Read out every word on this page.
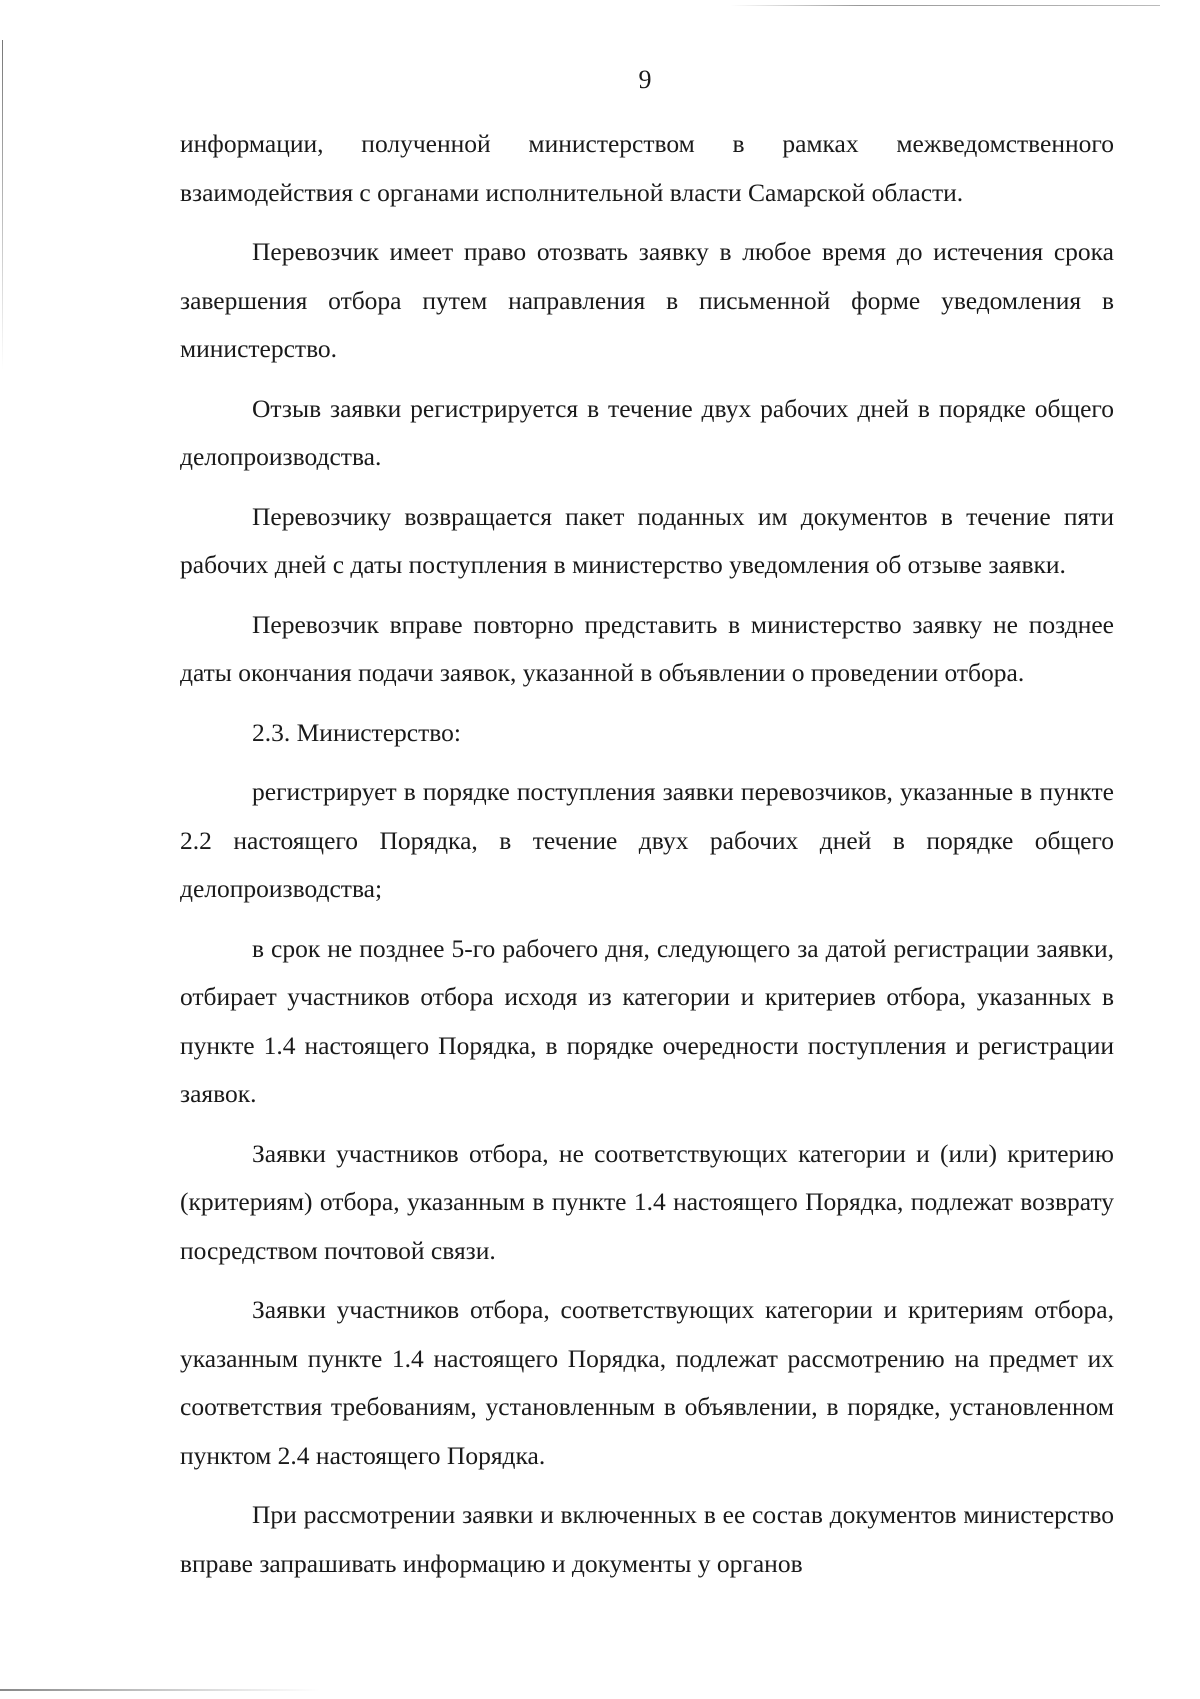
9

информации, полученной министерством в рамках межведомственного взаимодействия с органами исполнительной власти Самарской области.

Перевозчик имеет право отозвать заявку в любое время до истечения срока завершения отбора путем направления в письменной форме уведомления в министерство.

Отзыв заявки регистрируется в течение двух рабочих дней в порядке общего делопроизводства.

Перевозчику возвращается пакет поданных им документов в течение пяти рабочих дней с даты поступления в министерство уведомления об отзыве заявки.

Перевозчик вправе повторно представить в министерство заявку не позднее даты окончания подачи заявок, указанной в объявлении о проведении отбора.

2.3. Министерство:

регистрирует в порядке поступления заявки перевозчиков, указанные в пункте 2.2 настоящего Порядка, в течение двух рабочих дней в порядке общего делопроизводства;

в срок не позднее 5-го рабочего дня, следующего за датой регистрации заявки, отбирает участников отбора исходя из категории и критериев отбора, указанных в пункте 1.4 настоящего Порядка, в порядке очередности поступления и регистрации заявок.

Заявки участников отбора, не соответствующих категории и (или) критерию (критериям) отбора, указанным в пункте 1.4 настоящего Порядка, подлежат возврату посредством почтовой связи.

Заявки участников отбора, соответствующих категории и критериям отбора, указанным пункте 1.4 настоящего Порядка, подлежат рассмотрению на предмет их соответствия требованиям, установленным в объявлении, в порядке, установленном пунктом 2.4 настоящего Порядка.

При рассмотрении заявки и включенных в ее состав документов министерство вправе запрашивать информацию и документы у органов
